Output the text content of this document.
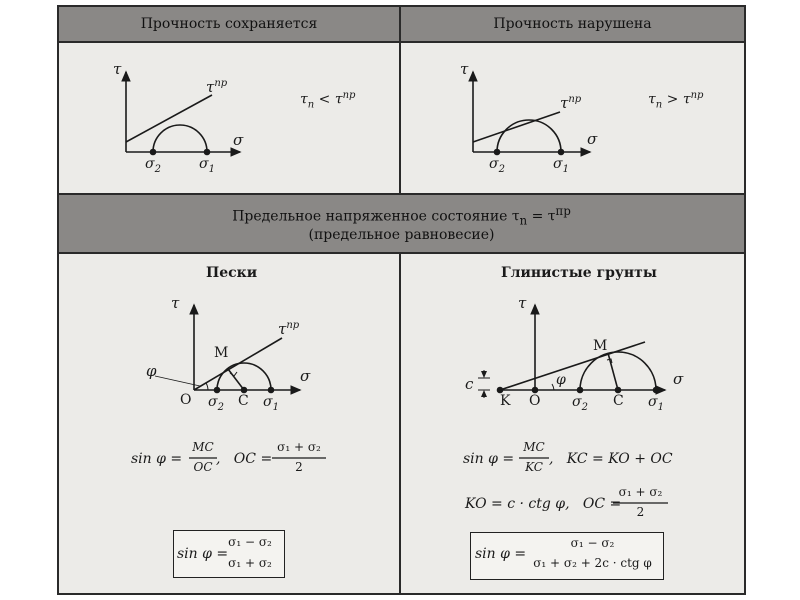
Прочность сохраняется	Прочность нарушена
Предельное напряженное состояние $\tau_n = \tau^{пр}$
(предельное равновесие)
τ
$\tau^{пр}$
σ
$\sigma_2$	$\sigma_1$
$\tau_n < \tau^{пр}$
τ
$\tau^{пр}$
σ
$\sigma_2$	$\sigma_1$
$\tau_n > \tau^{пр}$
Пески
τ
$\tau^{пр}$
φ
M
O $\sigma_2$ C $\sigma_1$
σ
sin φ =
MC
OC ,   OC =
σ₁ + σ₂
2
sin φ =
σ₁ − σ₂
σ₁ + σ₂
Глинистые грунты
τ
M
c	φ
K O $\sigma_2$ C $\sigma_1$
σ
sin φ =
MC
KC ,   KC = KO + OC
KO = c · ctg φ,   OC =
σ₁ + σ₂
2
sin φ =
σ₁ − σ₂
σ₁ + σ₂ + 2c · ctg φ
